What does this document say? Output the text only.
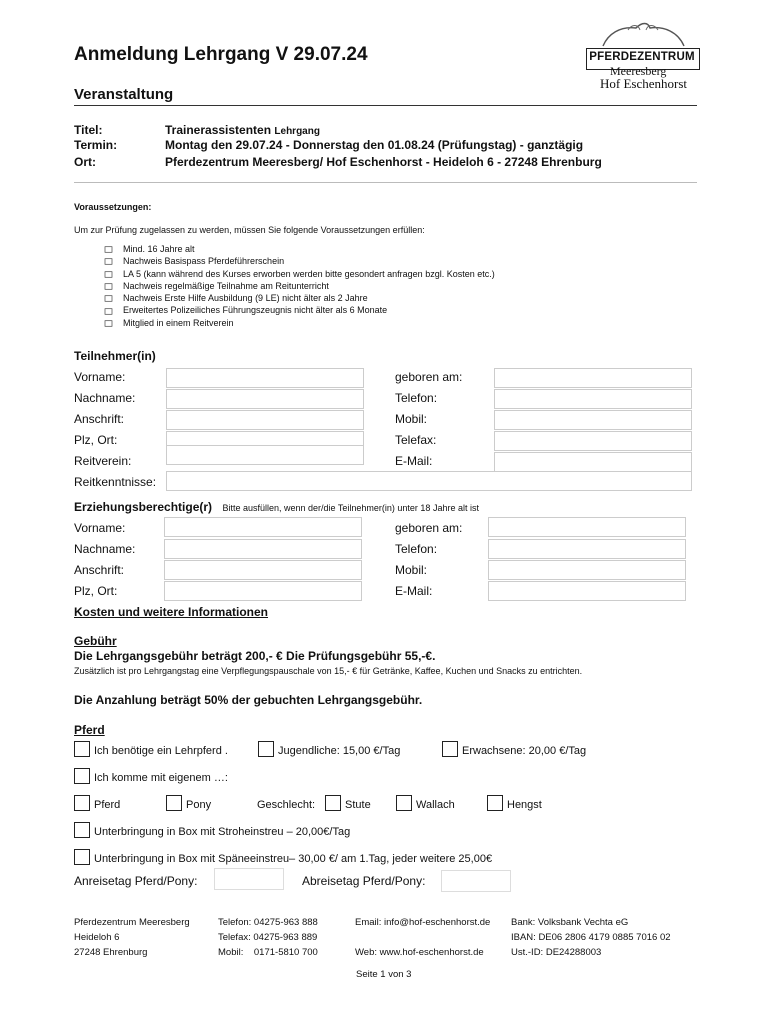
Anmeldung Lehrgang V 29.07.24
Veranstaltung
PFERDEZENTRUM
Meeresberg
Hof Eschenhorst
Titel:	Trainerassistenten Lehrgang
Termin:	Montag den 29.07.24 - Donnerstag den 01.08.24 (Prüfungstag) - ganztägig
Ort:	Pferdezentrum Meeresberg/ Hof Eschenhorst - Heideloh 6 - 27248 Ehrenburg
Voraussetzungen:
Um zur Prüfung zugelassen zu werden, müssen Sie folgende Voraussetzungen erfüllen:
Mind. 16 Jahre alt
Nachweis Basispass Pferdeführerschein
LA 5 (kann während des Kurses erworben werden bitte gesondert anfragen bzgl. Kosten etc.)
Nachweis regelmäßige Teilnahme am Reitunterricht
Nachweis Erste Hilfe Ausbildung (9 LE) nicht älter als 2 Jahre
Erweitertes Polizeiliches Führungszeugnis nicht älter als 6 Monate
Mitglied in einem Reitverein
Teilnehmer(in)
Vorname:	geboren am:
Nachname:	Telefon:
Anschrift:	Mobil:
Plz, Ort:	Telefax:
Reitverein:	E-Mail:
Reitkenntnisse:
Erziehungsberechtige(r) Bitte ausfüllen, wenn der/die Teilnehmer(in) unter 18 Jahre alt ist
Vorname:	geboren am:
Nachname:	Telefon:
Anschrift:	Mobil:
Plz, Ort:	E-Mail:
Kosten und weitere Informationen
Gebühr
Die Lehrgangsgebühr beträgt 200,- € Die Prüfungsgebühr 55,-€.
Zusätzlich ist pro Lehrgangstag eine Verpflegungspauschale von 15,- € für Getränke, Kaffee, Kuchen und Snacks zu entrichten.
Die Anzahlung beträgt 50% der gebuchten Lehrgangsgebühr.
Pferd
Ich benötige ein Lehrpferd .	Jugendliche: 15,00 €/Tag	Erwachsene: 20,00 €/Tag
Ich komme mit eigenem …:
Pferd	Pony	Geschlecht:	Stute	Wallach	Hengst
Unterbringung in Box mit Stroheinstreu – 20,00€/Tag
Unterbringung in Box mit Späneeinstreu– 30,00 €/ am 1.Tag, jeder weitere 25,00€
Anreisetag Pferd/Pony:	Abreisetag Pferd/Pony:
Pferdezentrum Meeresberg
Heideloh 6
27248 Ehrenburg
Telefon: 04275-963 888
Telefax: 04275-963 889
Mobil:    0171-5810 700
Email: info@hof-eschenhorst.de
Web: www.hof-eschenhorst.de
Bank: Volksbank Vechta eG
IBAN: DE06 2806 4179 0885 7016 02
Ust.-ID: DE24288003
Seite 1 von 3
